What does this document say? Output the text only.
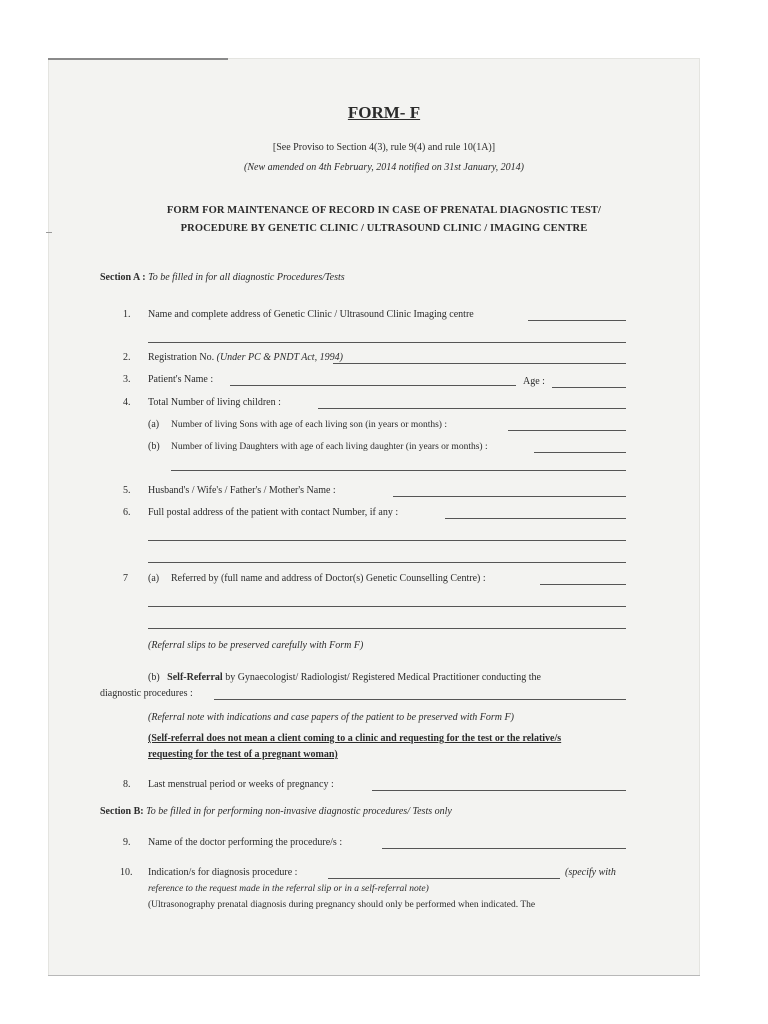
FORM- F
[See Proviso to Section 4(3), rule 9(4) and rule 10(1A)]
(New amended on 4th February, 2014 notified on 31st January, 2014)
FORM FOR MAINTENANCE OF RECORD IN CASE OF PRENATAL DIAGNOSTIC TEST/
PROCEDURE BY GENETIC CLINIC / ULTRASOUND CLINIC / IMAGING CENTRE
Section A : To be filled in for all diagnostic Procedures/Tests
1. Name and complete address of Genetic Clinic / Ultrasound Clinic Imaging centre
2. Registration No. (Under PC & PNDT Act, 1994)
3. Patient's Name :	Age :
4. Total Number of living children :
(a) Number of living Sons with age of each living son (in years or months) :
(b) Number of living Daughters with age of each living daughter (in years or months) :
5. Husband's / Wife's / Father's / Mother's Name :
6. Full postal address of the patient with contact Number, if any :
7 (a) Referred by (full name and address of Doctor(s) Genetic Counselling Centre) :
(Referral slips to be preserved carefully with Form F)
(b) Self-Referral by Gynaecologist/ Radiologist/ Registered Medical Practitioner conducting the
diagnostic procedures :
(Referral note with indications and case papers of the patient to be preserved with Form F)
(Self-referral does not mean a client coming to a clinic and requesting for the test or the relative/s
requesting for the test of a pregnant woman)
8. Last menstrual period or weeks of pregnancy :
Section B: To be filled in for performing non-invasive diagnostic procedures/ Tests only
9. Name of the doctor performing the procedure/s :
10. Indication/s for diagnosis procedure :	(specify with
reference to the request made in the referral slip or in a self-referral note)
(Ultrasonography prenatal diagnosis during pregnancy should only be performed when indicated. The
